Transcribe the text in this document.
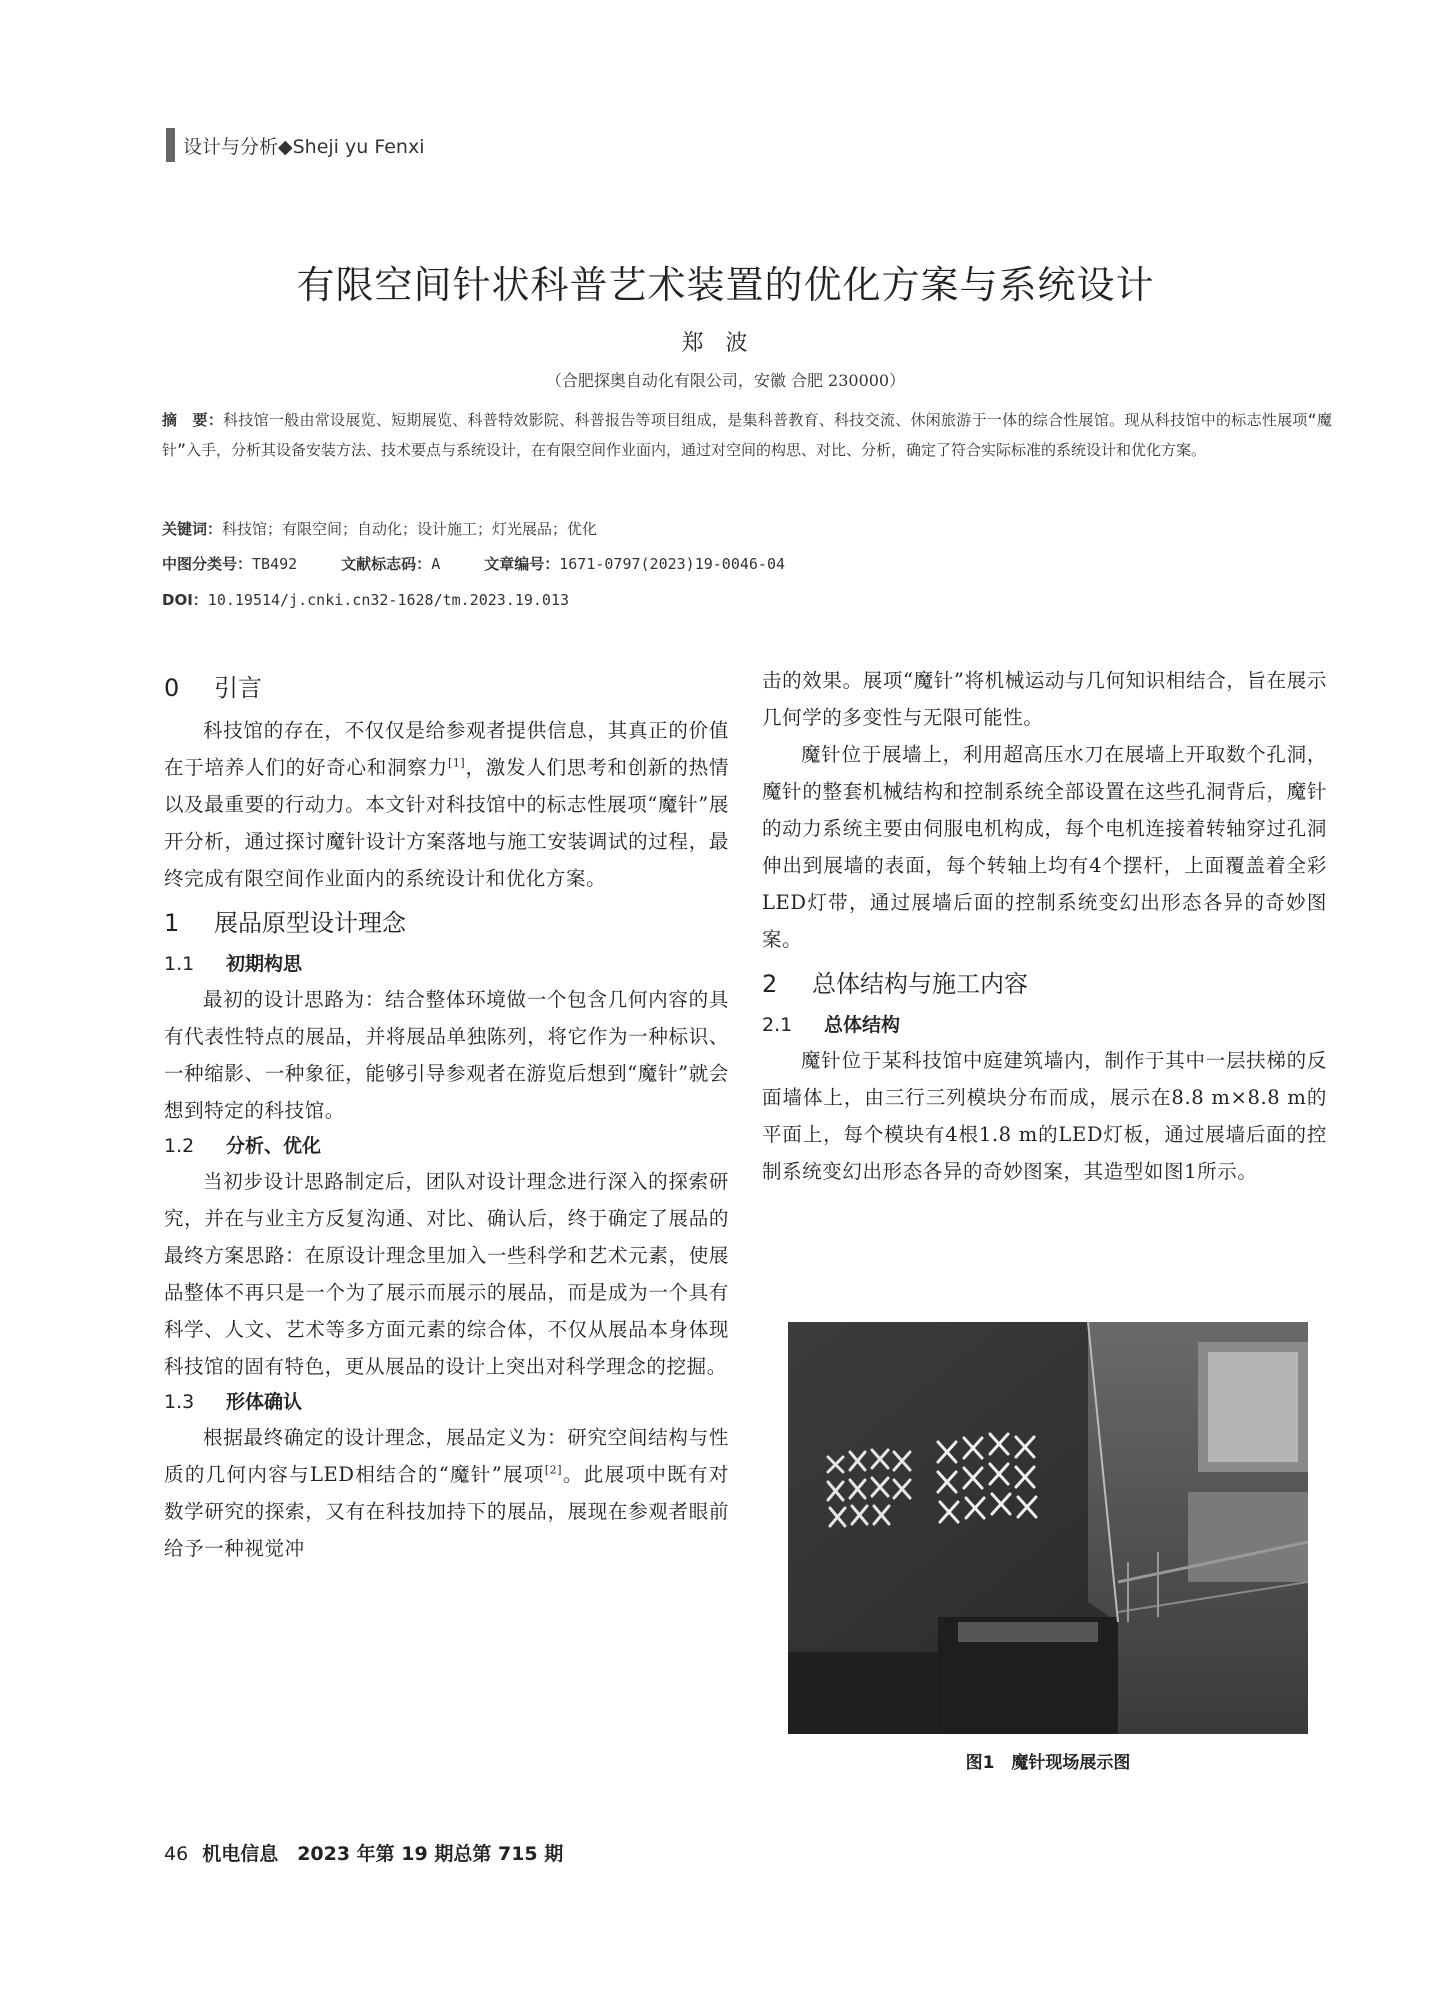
设计与分析◆Sheji yu Fenxi
有限空间针状科普艺术装置的优化方案与系统设计
郑波
（合肥探奥自动化有限公司，安徽 合肥 230000）
摘　要：科技馆一般由常设展览、短期展览、科普特效影院、科普报告等项目组成，是集科普教育、科技交流、休闲旅游于一体的综合性展馆。现从科技馆中的标志性展项“魔针”入手，分析其设备安装方法、技术要点与系统设计，在有限空间作业面内，通过对空间的构思、对比、分析，确定了符合实际标准的系统设计和优化方案。
关键词：科技馆；有限空间；自动化；设计施工；灯光展品；优化
中图分类号：TB492	文献标志码：A	文章编号：1671-0797(2023)19-0046-04
DOI：10.19514/j.cnki.cn32-1628/tm.2023.19.013
0 引言

科技馆的存在，不仅仅是给参观者提供信息，其真正的价值在于培养人们的好奇心和洞察力[1]，激发人们思考和创新的热情以及最重要的行动力。本文针对科技馆中的标志性展项“魔针”展开分析，通过探讨魔针设计方案落地与施工安装调试的过程，最终完成有限空间作业面内的系统设计和优化方案。

1 展品原型设计理念
1.1 初期构思

最初的设计思路为：结合整体环境做一个包含几何内容的具有代表性特点的展品，并将展品单独陈列，将它作为一种标识、一种缩影、一种象征，能够引导参观者在游览后想到“魔针”就会想到特定的科技馆。

1.2 分析、优化

当初步设计思路制定后，团队对设计理念进行深入的探索研究，并在与业主方反复沟通、对比、确认后，终于确定了展品的最终方案思路：在原设计理念里加入一些科学和艺术元素，使展品整体不再只是一个为了展示而展示的展品，而是成为一个具有科学、人文、艺术等多方面元素的综合体，不仅从展品本身体现科技馆的固有特色，更从展品的设计上突出对科学理念的挖掘。

1.3 形体确认

根据最终确定的设计理念，展品定义为：研究空间结构与性质的几何内容与LED相结合的“魔针”展项[2]。此展项中既有对数学研究的探索，又有在科技加持下的展品，展现在参观者眼前给予一种视觉冲

击的效果。展项“魔针”将机械运动与几何知识相结合，旨在展示几何学的多变性与无限可能性。

魔针位于展墙上，利用超高压水刀在展墙上开取数个孔洞，魔针的整套机械结构和控制系统全部设置在这些孔洞背后，魔针的动力系统主要由伺服电机构成，每个电机连接着转轴穿过孔洞伸出到展墙的表面，每个转轴上均有4个摆杆，上面覆盖着全彩LED灯带，通过展墙后面的控制系统变幻出形态各异的奇妙图案。

2 总体结构与施工内容
2.1 总体结构

魔针位于某科技馆中庭建筑墙内，制作于其中一层扶梯的反面墙体上，由三行三列模块分布而成，展示在8.8 m×8.8 m的平面上，每个模块有4根1.8 m的LED灯板，通过展墙后面的控制系统变幻出形态各异的奇妙图案，其造型如图1所示。

图1　魔针现场展示图
46 机电信息　2023 年第 19 期总第 715 期
